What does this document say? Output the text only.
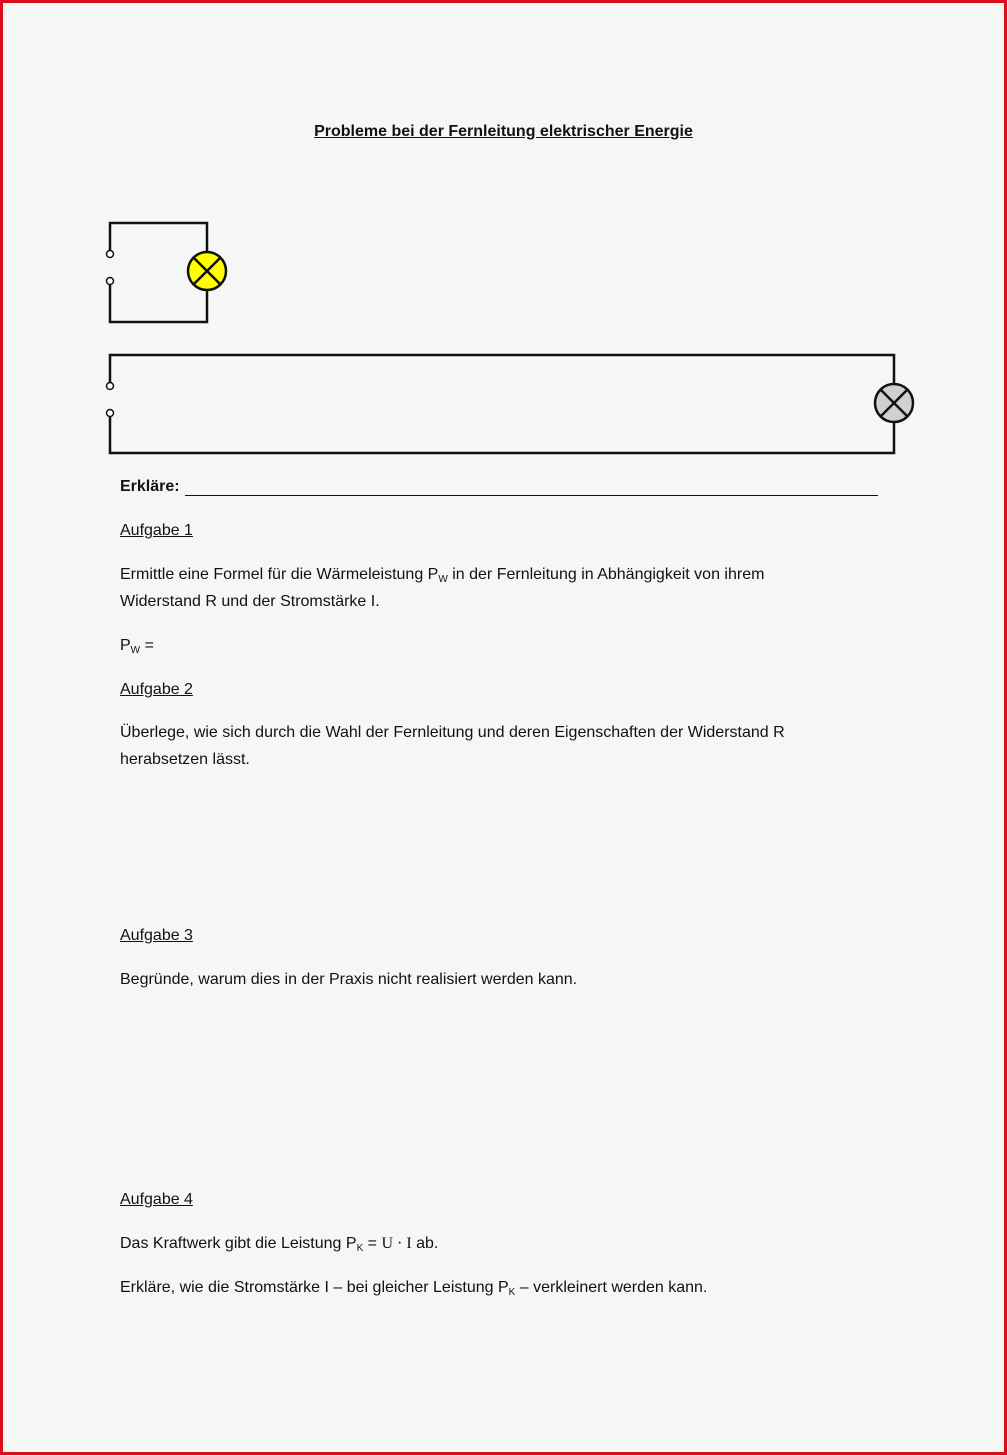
Probleme bei der Fernleitung elektrischer Energie
Erkläre:
Aufgabe 1
Ermittle eine Formel für die Wärmeleistung $P_W$ in der Fernleitung in Abhängigkeit von ihrem
Widerstand R und der Stromstärke I.
$P_W$ =
Aufgabe 2
Überlege, wie sich durch die Wahl der Fernleitung und deren Eigenschaften der Widerstand R
herabsetzen lässt.
Aufgabe 3
Begründe, warum dies in der Praxis nicht realisiert werden kann.
Aufgabe 4
Das Kraftwerk gibt die Leistung $P_K = U \cdot I$ ab.
Erkläre, wie die Stromstärke I – bei gleicher Leistung $P_K$ – verkleinert werden kann.
